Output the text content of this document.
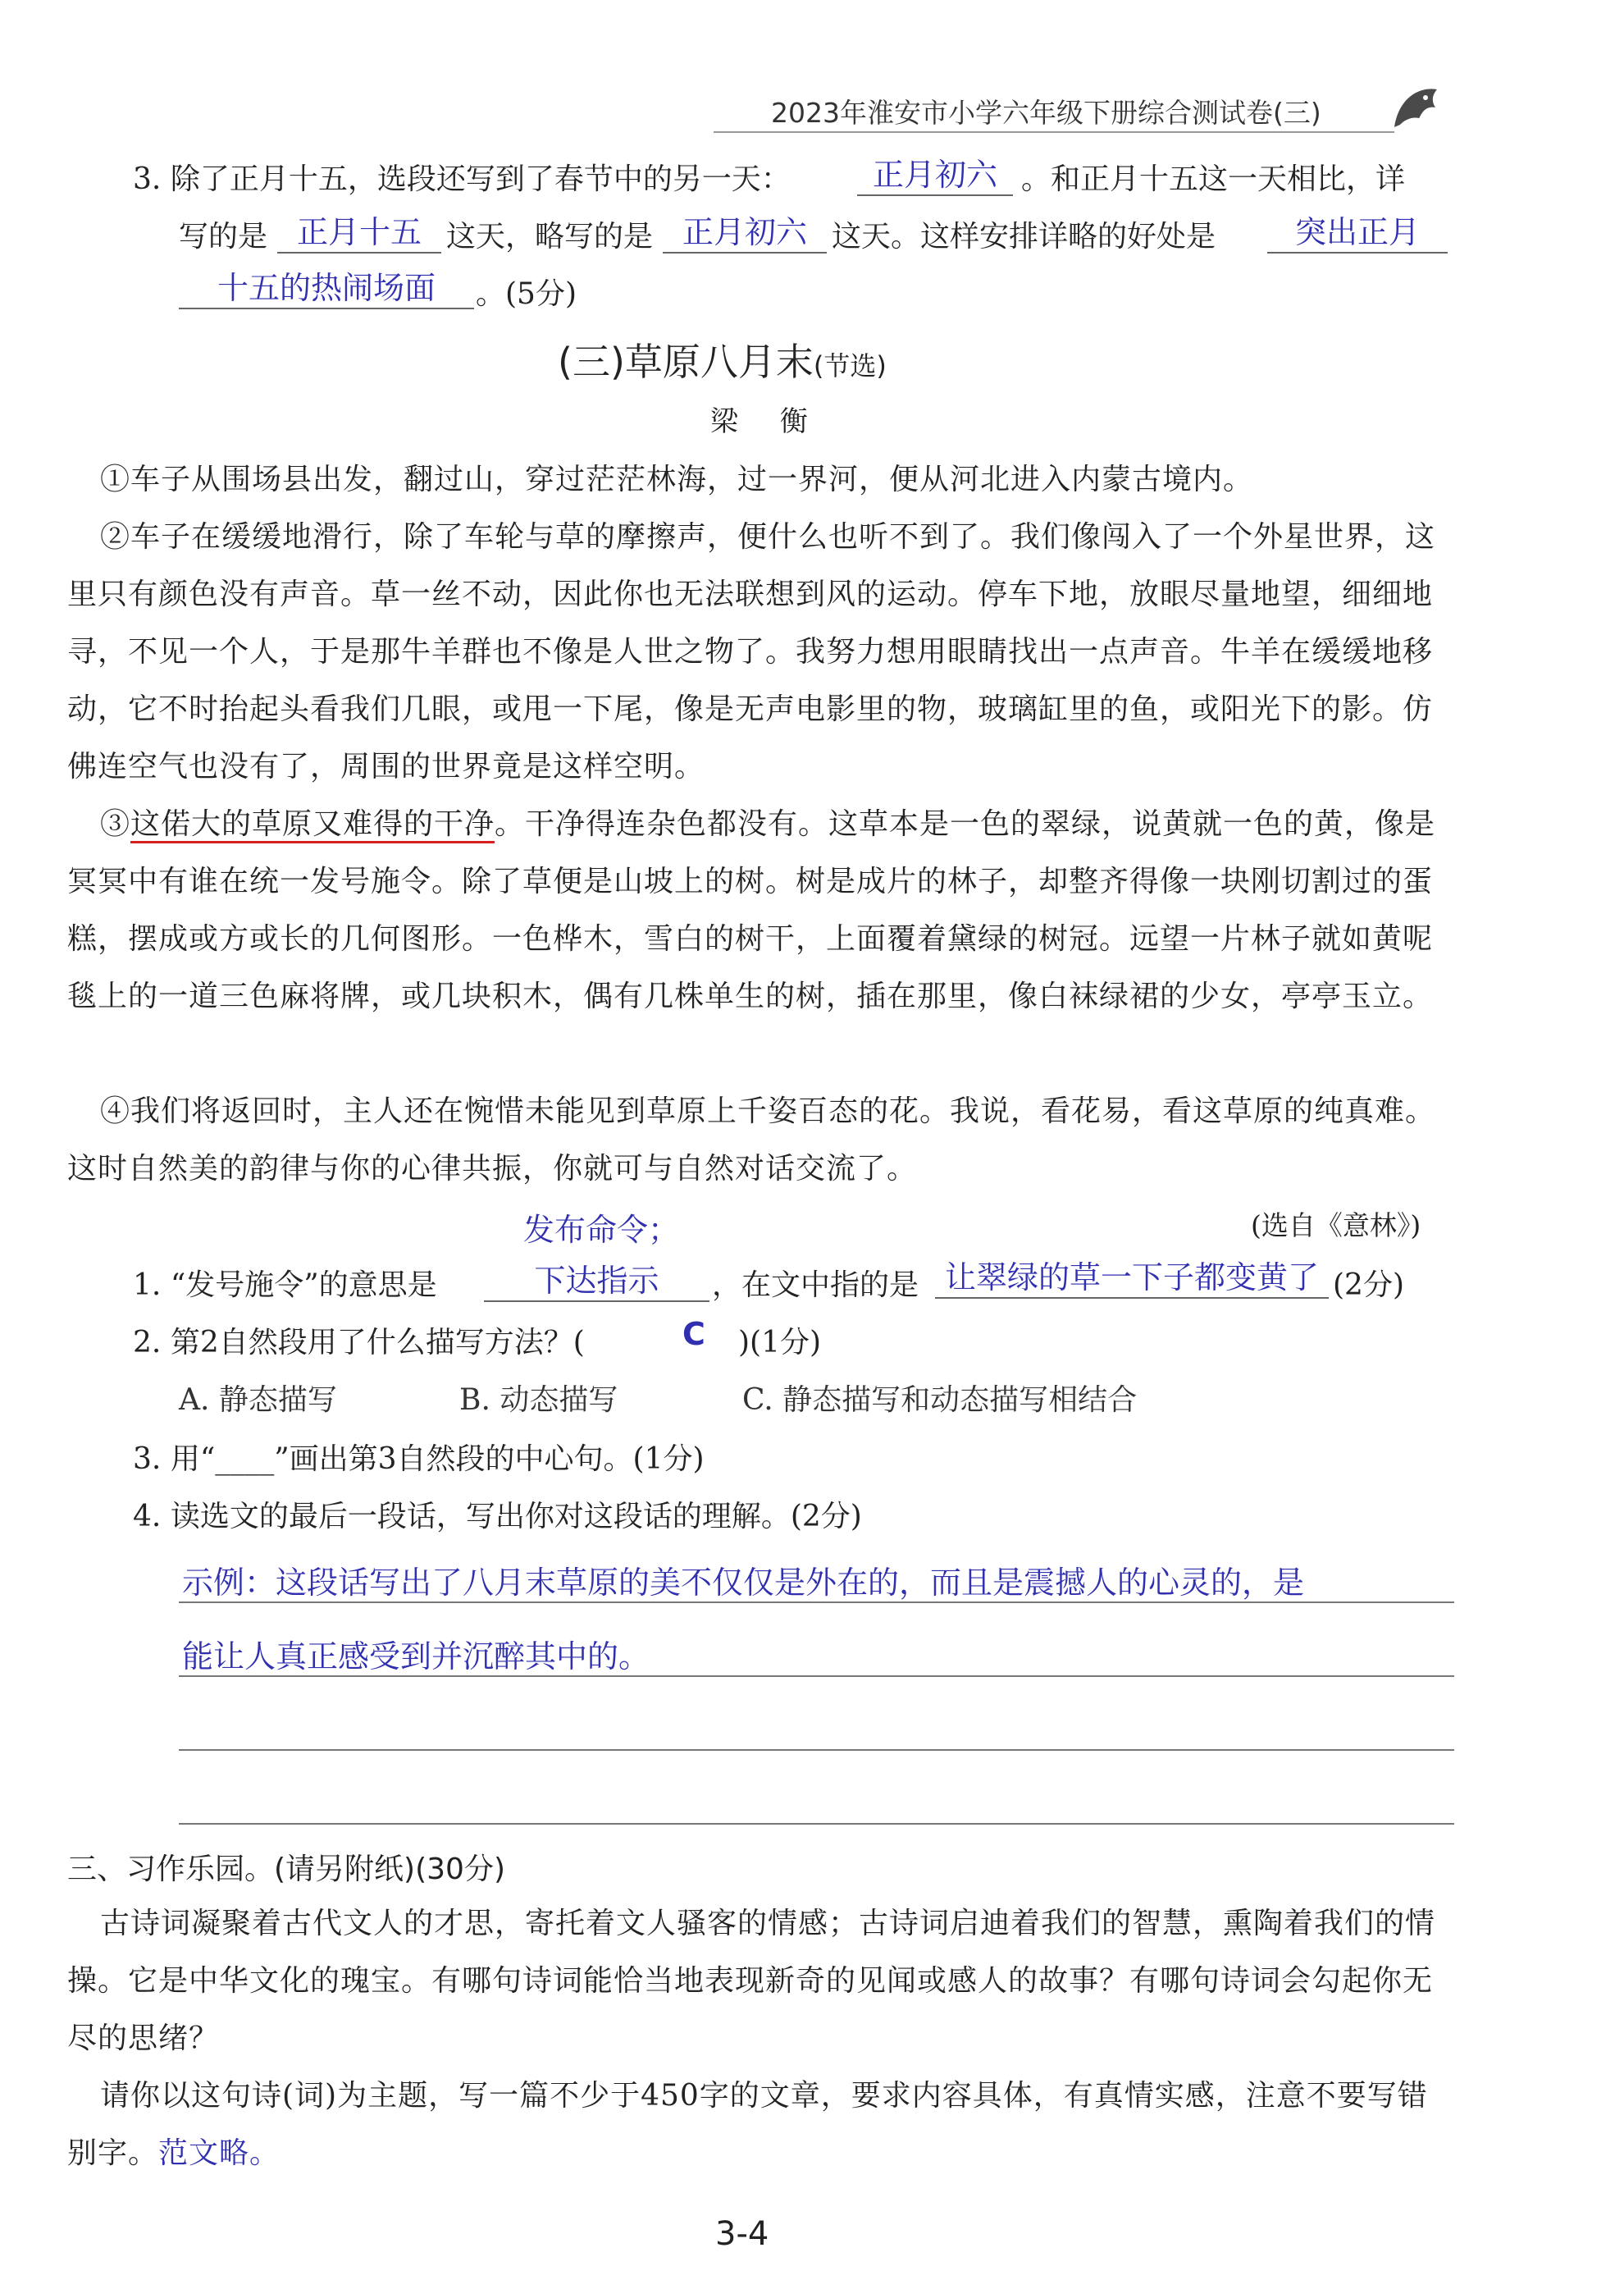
2023年淮安市小学六年级下册综合测试卷(三)
3. 除了正月十五，选段还写到了春节中的另一天：	正月初六 。和正月十五这一天相比，详
写的是 正月十五 这天，略写的是 正月初六 这天。这样安排详略的好处是	突出正月
十五的热闹场面	。(5分)
(三)草原八月末(节选)
梁 衡
①车子从围场县出发，翻过山，穿过茫茫林海，过一界河，便从河北进入内蒙古境内。
②车子在缓缓地滑行，除了车轮与草的摩擦声，便什么也听不到了。我们像闯入了一个外星世界，这里只有颜色没有声音。草一丝不动，因此你也无法联想到风的运动。停车下地，放眼尽量地望，细细地寻，不见一个人，于是那牛羊群也不像是人世之物了。我努力想用眼睛找出一点声音。牛羊在缓缓地移动，它不时抬起头看我们几眼，或甩一下尾，像是无声电影里的物，玻璃缸里的鱼，或阳光下的影。仿佛连空气也没有了，周围的世界竟是这样空明。
③这偌大的草原又难得的干净。干净得连杂色都没有。这草本是一色的翠绿，说黄就一色的黄，像是冥冥中有谁在统一发号施令。除了草便是山坡上的树。树是成片的林子，却整齐得像一块刚切割过的蛋糕，摆成或方或长的几何图形。一色桦木，雪白的树干，上面覆着黛绿的树冠。远望一片林子就如黄呢毯上的一道三色麻将牌，或几块积木，偶有几株单生的树，插在那里，像白袜绿裙的少女，亭亭玉立。
④我们将返回时，主人还在惋惜未能见到草原上千姿百态的花。我说，看花易，看这草原的纯真难。这时自然美的韵律与你的心律共振，你就可与自然对话交流了。
(选自《意林》)
发布命令；
1. “发号施令”的意思是	下达指示	，在文中指的是 让翠绿的草一下子都变黄了 (2分)
2. 第2自然段用了什么描写方法？(	C )(1分)
A. 静态描写	B. 动态描写	C. 静态描写和动态描写相结合
3. 用“____”画出第3自然段的中心句。(1分)
4. 读选文的最后一段话，写出你对这段话的理解。(2分)
示例：这段话写出了八月末草原的美不仅仅是外在的，而且是震撼人的心灵的，是
能让人真正感受到并沉醉其中的。
三、习作乐园。(请另附纸)(30分)
古诗词凝聚着古代文人的才思，寄托着文人骚客的情感；古诗词启迪着我们的智慧，熏陶着我们的情操。它是中华文化的瑰宝。有哪句诗词能恰当地表现新奇的见闻或感人的故事？有哪句诗词会勾起你无尽的思绪？
请你以这句诗(词)为主题，写一篇不少于450字的文章，要求内容具体，有真情实感，注意不要写错别字。范文略。
3-4
